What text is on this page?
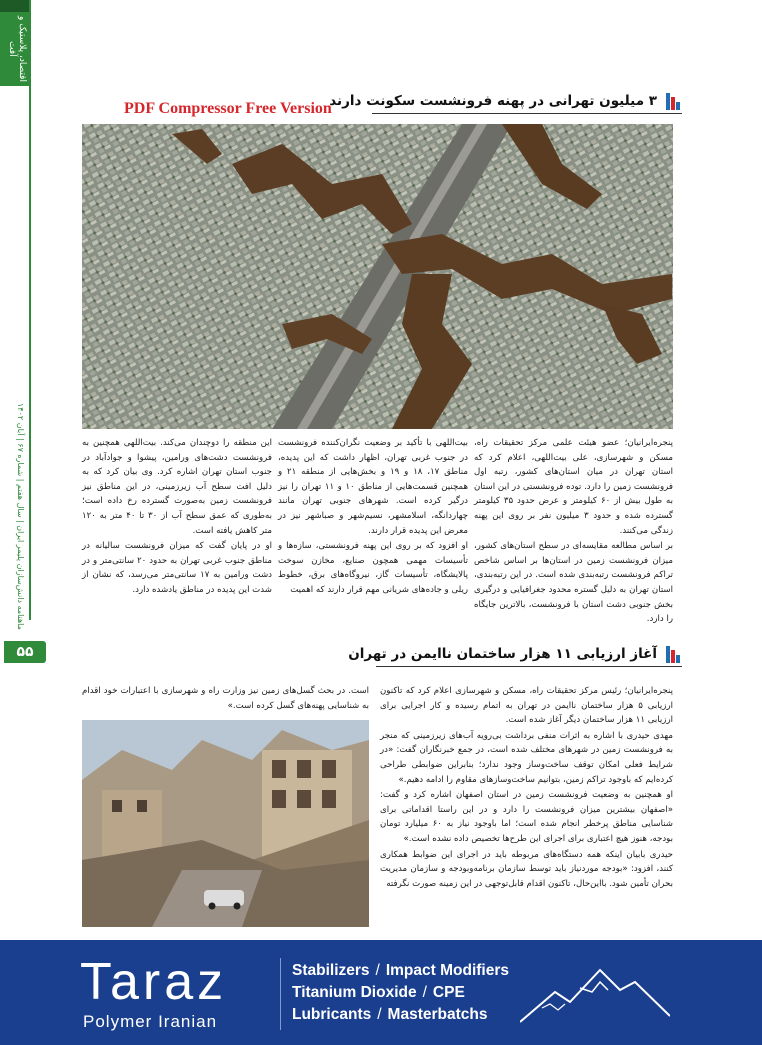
اقتصاد، پلاستیک و آفت
ماهنامه دانش‌سازان پلیمر ایران | سال هفتم | شماره ۶۷ | آبان ۱۴۰۲
۵۵
PDF Compressor Free Version
۳ میلیون تهرانی در پهنه فرونشست سکونت دارند

پنجره‌ایرانیان؛ عضو هیئت علمی مرکز تحقیقات راه، مسکن و شهرسازی، علی بیت‌اللهی، اعلام کرد که استان تهران در میان استان‌های کشور، رتبه اول فرونشست زمین را دارد. توده فرونشستی در این استان به طول بیش از ۶۰ کیلومتر و عرض حدود ۳۵ کیلومتر گسترده شده و حدود ۳ میلیون نفر بر روی این پهنه زندگی می‌کنند.

بر اساس مطالعه مقایسه‌ای در سطح استان‌های کشور، میزان فرونشست زمین در استان‌ها بر اساس شاخص تراکم فرونشست رتبه‌بندی شده است. در این رتبه‌بندی، استان تهران به دلیل گستره محدود جغرافیایی و درگیری بخش جنوبی دشت استان با فرونشست، بالاترین جایگاه را دارد.

بیت‌اللهی با تأکید بر وضعیت نگران‌کننده فرونشست در جنوب غربی تهران، اظهار داشت که این پدیده، مناطق ۱۷، ۱۸ و ۱۹ و بخش‌هایی از منطقه ۲۱ و همچنین قسمت‌هایی از مناطق ۱۰ و ۱۱ تهران را نیز درگیر کرده است. شهرهای جنوبی تهران مانند چهاردانگه، اسلامشهر، نسیم‌شهر و صباشهر نیز در معرض این پدیده قرار دارند.

او افزود که بر روی این پهنه فرونشستی، سازه‌ها و تأسیسات مهمی همچون صنایع، مخازن سوخت پالایشگاه، تأسیسات گاز، نیروگاه‌های برق، خطوط ریلی و جاده‌های شریانی مهم قرار دارند که اهمیت

این منطقه را دوچندان می‌کند. بیت‌اللهی همچنین به فرونشست دشت‌های ورامین، پیشوا و جوادآباد در جنوب استان تهران اشاره کرد. وی بیان کرد که به دلیل افت سطح آب زیرزمینی، در این مناطق نیز فرونشست زمین به‌صورت گسترده رخ داده است؛ به‌طوری که عمق سطح آب از ۳۰ تا ۴۰ متر به ۱۲۰ متر کاهش یافته است.

او در پایان گفت که میزان فرونشست سالیانه در مناطق جنوب غربی تهران به حدود ۲۰ سانتی‌متر و در دشت ورامین به ۱۷ سانتی‌متر می‌رسد، که نشان از شدت این پدیده در مناطق یادشده دارد.

آغاز ارزیابی ۱۱ هزار ساختمان ناایمن در تهران

پنجره‌ایرانیان؛ رئیس مرکز تحقیقات راه، مسکن و شهرسازی اعلام کرد که تاکنون ارزیابی ۵ هزار ساختمان ناایمن در تهران به اتمام رسیده و کار اجرایی برای ارزیابی ۱۱ هزار ساختمان دیگر آغاز شده است.

مهدی حیدری با اشاره به اثرات منفی برداشت بی‌رویه آب‌های زیرزمینی که منجر به فرونشست زمین در شهرهای مختلف شده است، در جمع خبرنگاران گفت: «در شرایط فعلی امکان توقف ساخت‌وساز وجود ندارد؛ بنابراین ضوابطی طراحی کرده‌ایم که باوجود تراکم زمین، بتوانیم ساخت‌وسازهای مقاوم را ادامه دهیم.»

او همچنین به وضعیت فرونشست زمین در استان اصفهان اشاره کرد و گفت: «اصفهان بیشترین میزان فرونشست را دارد و در این راستا اقداماتی برای شناسایی مناطق پرخطر انجام شده است؛ اما باوجود نیاز به ۶۰ میلیارد تومان بودجه، هنوز هیچ اعتباری برای اجرای این طرح‌ها تخصیص داده نشده است.»

حیدری بابیان اینکه همه دستگاه‌های مربوطه باید در اجرای این ضوابط همکاری کنند، افزود: «بودجه موردنیاز باید توسط سازمان برنامه‌وبودجه و سازمان مدیریت بحران تأمین شود. بااین‌حال، تاکنون اقدام قابل‌توجهی در این زمینه صورت نگرفته

است. در بحث گسل‌های زمین نیز وزارت راه و شهرسازی با اعتبارات خود اقدام به شناسایی پهنه‌های گسل کرده است.»

Taraz
Polymer Iranian
Stabilizers / Impact Modifiers
Titanium Dioxide / CPE
Lubricants / Masterbatchs
